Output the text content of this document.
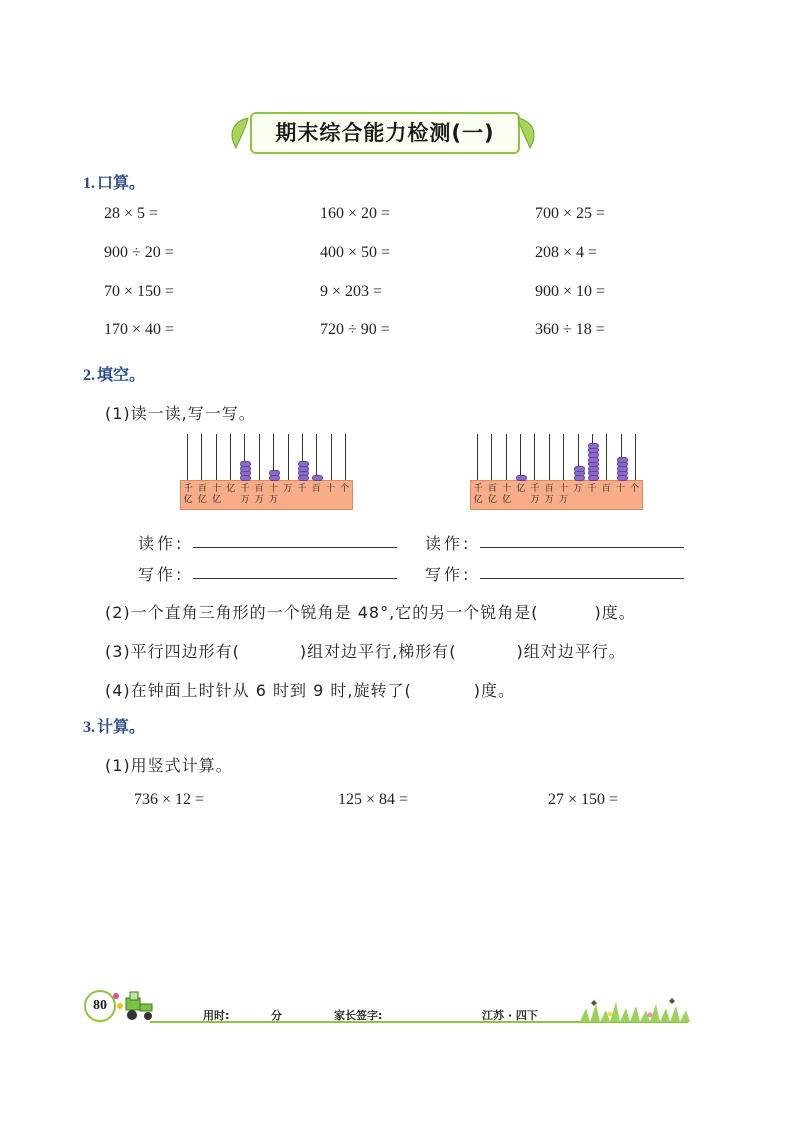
期末综合能力检测(一)
1. 口算。
28 × 5 =	160 × 20 =	700 × 25 =
900 ÷ 20 =	400 × 50 =	208 × 4 =
70 × 150 =	9 × 203 =	900 × 10 =
170 × 40 =	720 ÷ 90 =	360 ÷ 18 =
2. 填空。
(1)读一读,写一写。
千
亿
百
亿
十
亿
亿 千
万
百
万
十
万
万 千 百 十 个	千
亿
百
亿
十
亿
亿 千
万
百
万
十
万
万 千 百 十 个
读作:
写作:
读作:
写作:
(2)一个直角三角形的一个锐角是 48°,它的另一个锐角是(	)度。
(3)平行四边形有(	)组对边平行,梯形有(	)组对边平行。
(4)在钟面上时针从 6 时到 9 时,旋转了(	)度。
3. 计算。
(1)用竖式计算。
736 × 12 =	125 × 84 =	27 × 150 =
80
用时:	分	家长签字:	江苏 · 四下
